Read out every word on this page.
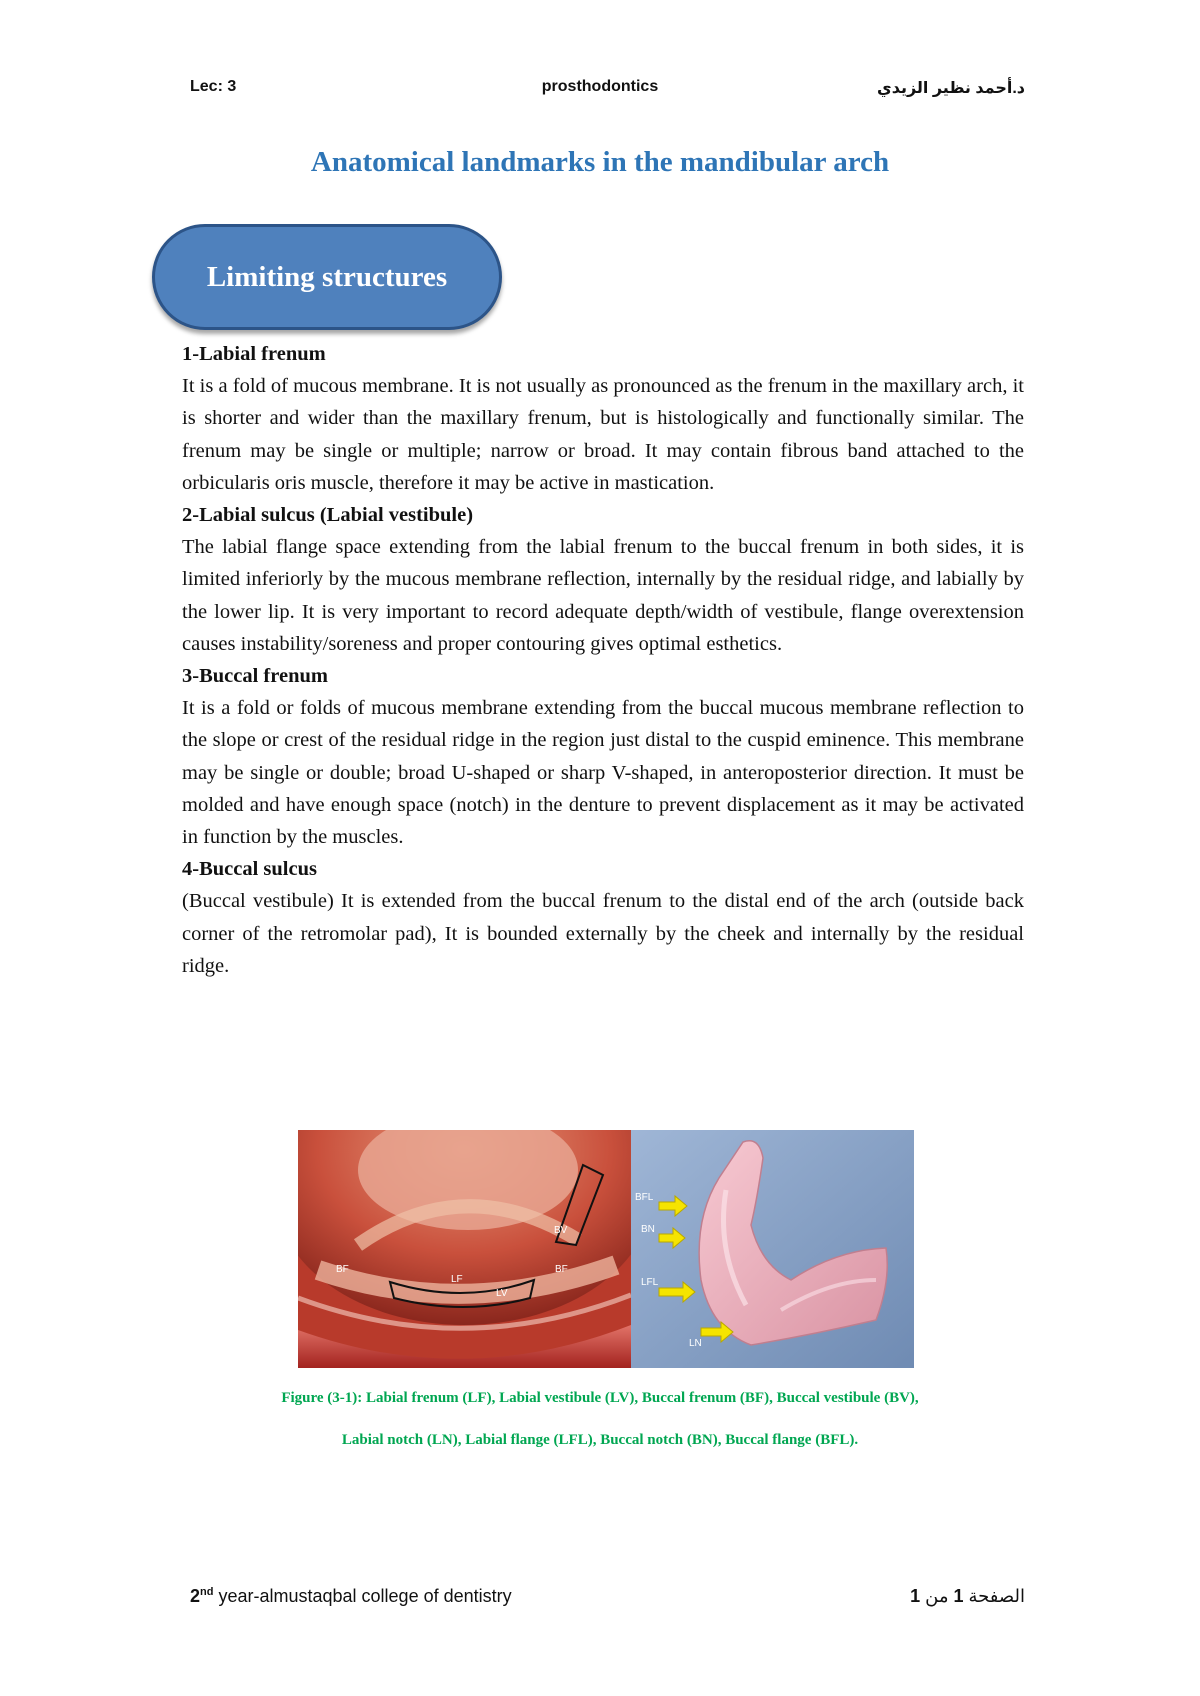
Lec: 3	prosthodontics	د.أحمد نظير الزيدي
Anatomical landmarks in the mandibular arch
Limiting structures

1-Labial frenum

It is a fold of mucous membrane. It is not usually as pronounced as the frenum in the maxillary arch, it is shorter and wider than the maxillary frenum, but is histologically and functionally similar. The frenum may be single or multiple; narrow or broad. It may contain fibrous band attached to the orbicularis oris muscle, therefore it may be active in mastication.

2-Labial sulcus (Labial vestibule)

The labial flange space extending from the labial frenum to the buccal frenum in both sides, it is limited inferiorly by the mucous membrane reflection, internally by the residual ridge, and labially by the lower lip. It is very important to record adequate depth/width of vestibule, flange overextension causes instability/soreness and proper contouring gives optimal esthetics.

3-Buccal frenum

It is a fold or folds of mucous membrane extending from the buccal mucous membrane reflection to the slope or crest of the residual ridge in the region just distal to the cuspid eminence. This membrane may be single or double; broad U-shaped or sharp V-shaped, in anteroposterior direction. It must be molded and have enough space (notch) in the denture to prevent displacement as it may be activated in function by the muscles.

4-Buccal sulcus

(Buccal vestibule) It is extended from the buccal frenum to the distal end of the arch (outside back corner of the retromolar pad), It is bounded externally by the cheek and internally by the residual ridge.

BV
BF	BF
LF
LV
BFL
BN
LFL
LN
Figure (3-1): Labial frenum (LF), Labial vestibule (LV), Buccal frenum (BF), Buccal vestibule (BV),
Labial notch (LN), Labial flange (LFL), Buccal notch (BN), Buccal flange (BFL).
2nd year-almustaqbal college of dentistry	الصفحة 1 من 1
